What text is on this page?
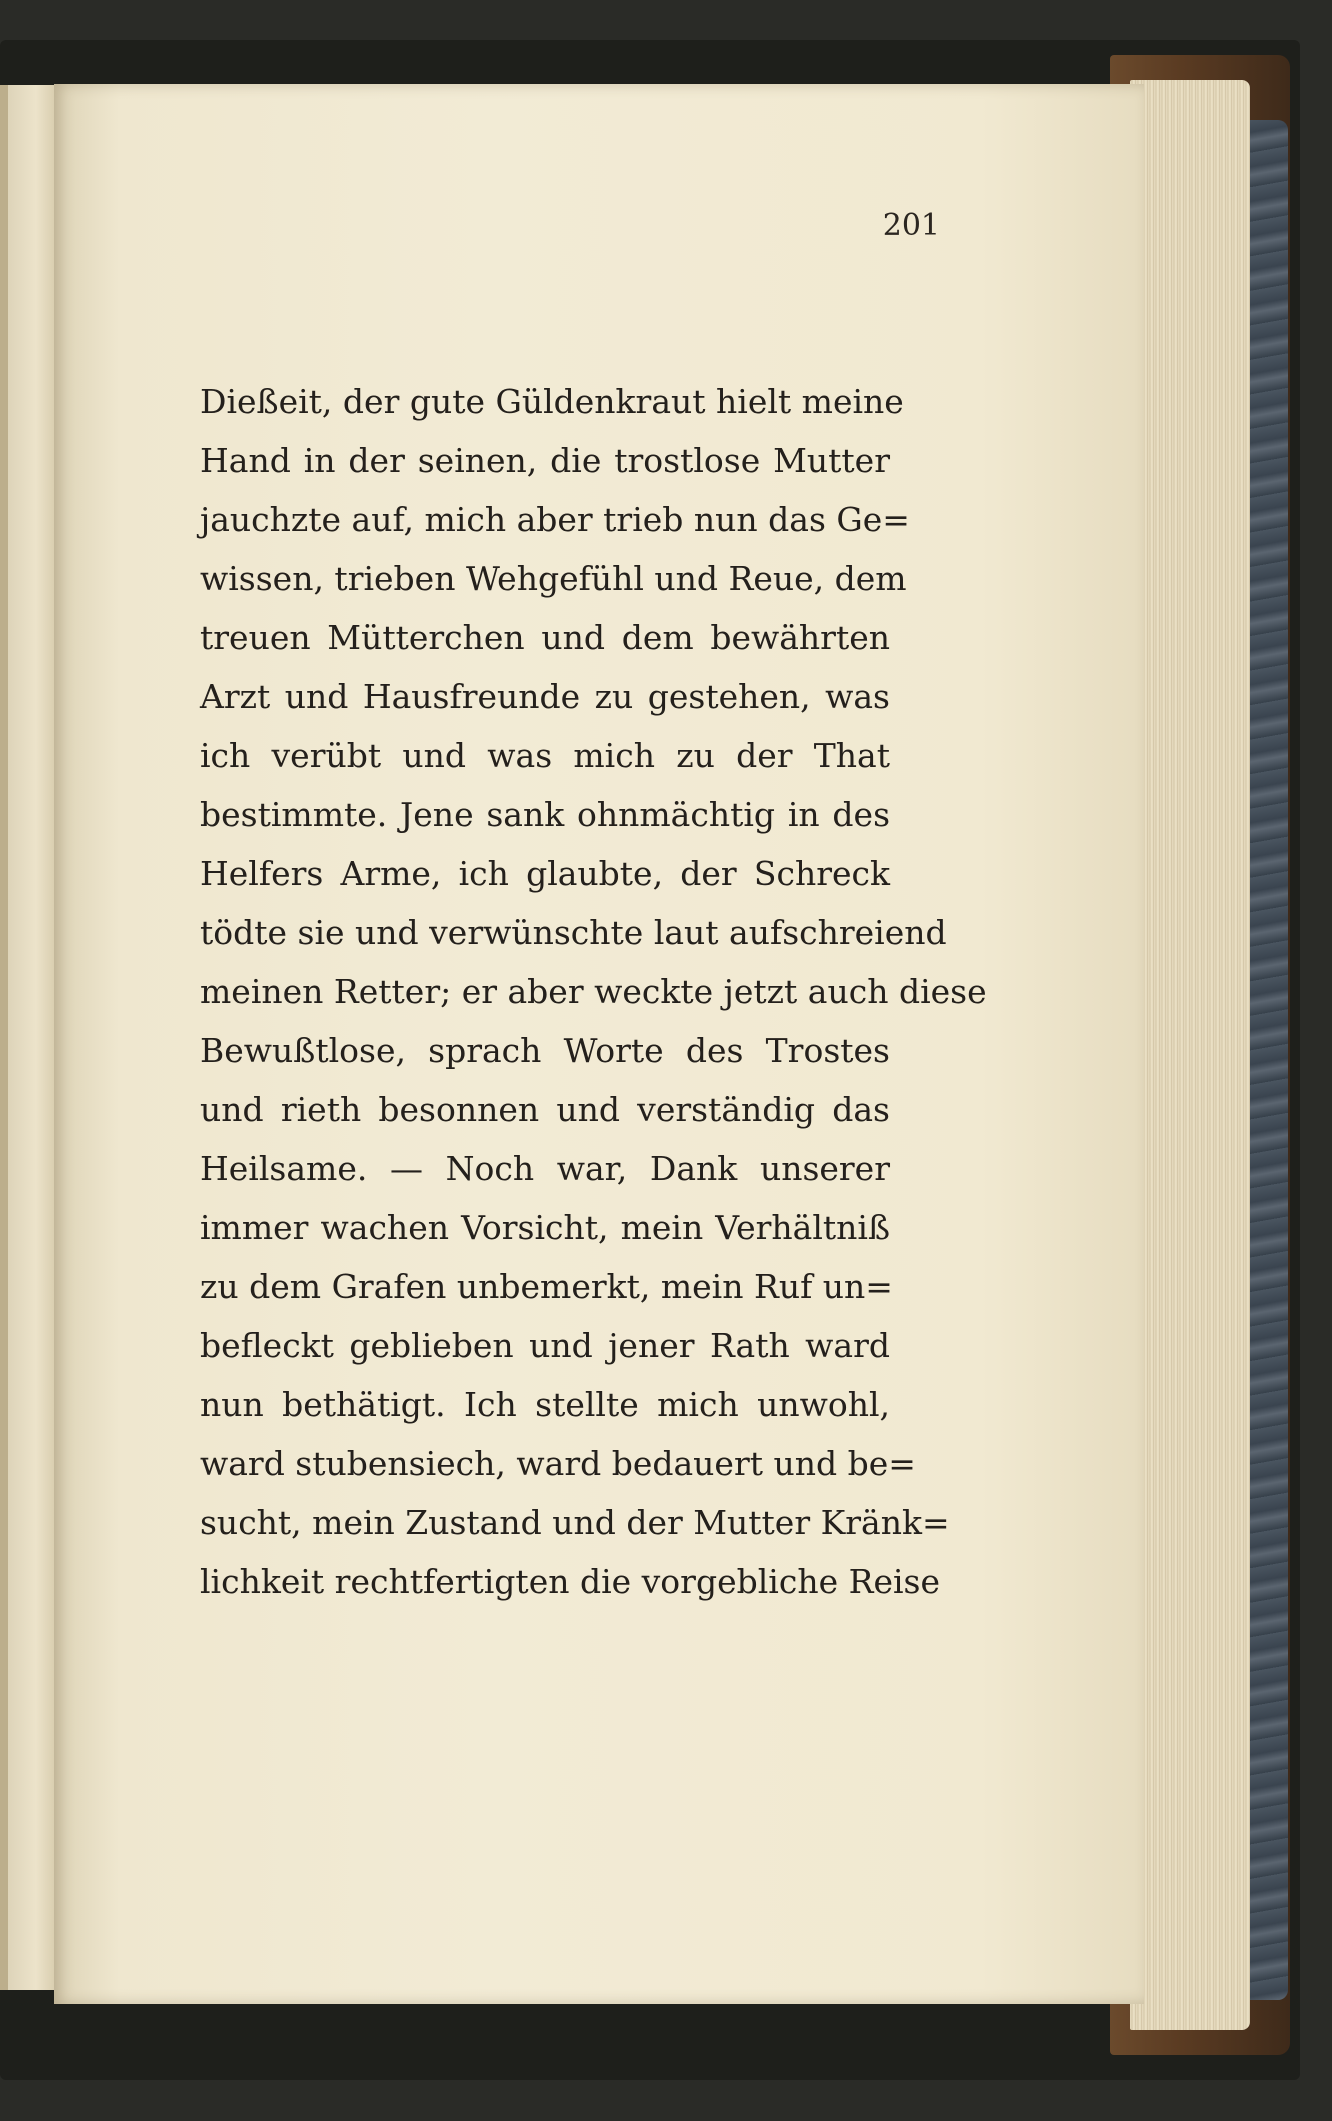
201
Dießeit, der gute Güldenkraut hielt meine
Hand in der seinen, die trostlose Mutter
jauchzte auf, mich aber trieb nun das Ge=
wissen, trieben Wehgefühl und Reue, dem
treuen Mütterchen und dem bewährten
Arzt und Hausfreunde zu gestehen, was
ich verübt und was mich zu der That
bestimmte. Jene sank ohnmächtig in des
Helfers Arme, ich glaubte, der Schreck
tödte sie und verwünschte laut aufschreiend
meinen Retter; er aber weckte jetzt auch diese
Bewußtlose, sprach Worte des Trostes
und rieth besonnen und verständig das
Heilsame. — Noch war, Dank unserer
immer wachen Vorsicht, mein Verhältniß
zu dem Grafen unbemerkt, mein Ruf un=
befleckt geblieben und jener Rath ward
nun bethätigt. Ich stellte mich unwohl,
ward stubensiech, ward bedauert und be=
sucht, mein Zustand und der Mutter Kränk=
lichkeit rechtfertigten die vorgebliche Reise
